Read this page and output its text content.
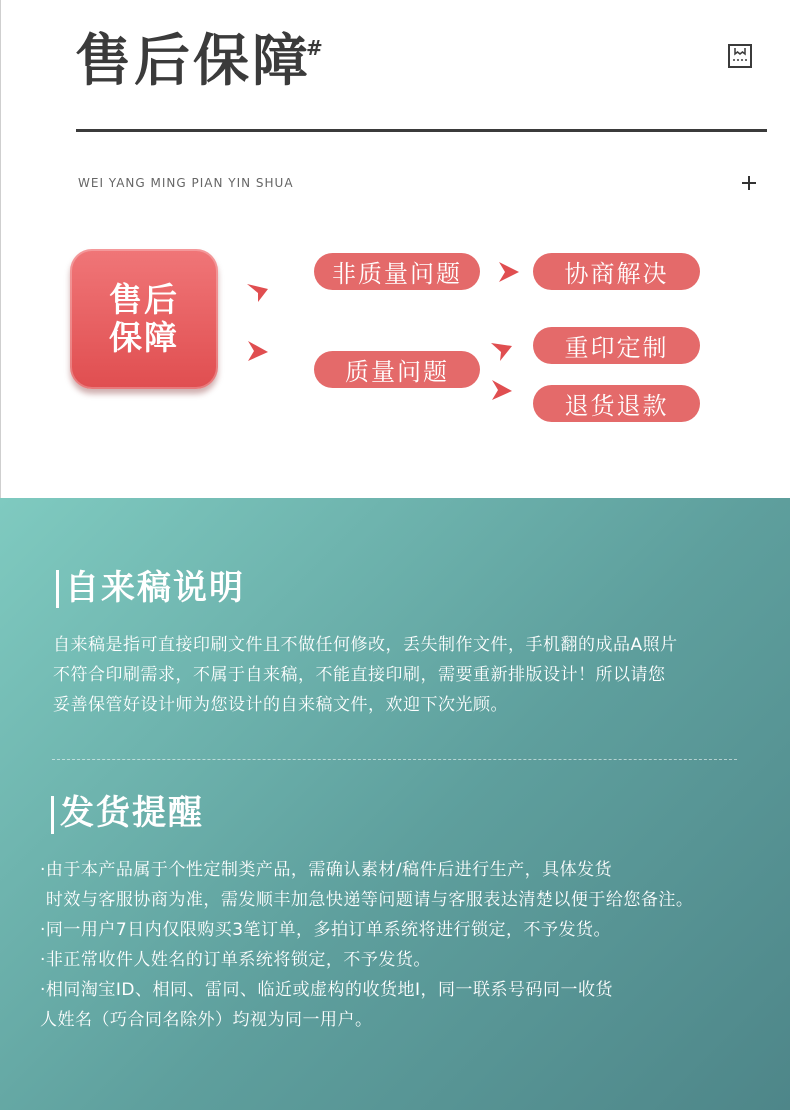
售后保障
#
WEI YANG MING PIAN YIN SHUA
售后
保障
非质量问题
质量问题
协商解决
重印定制
退货退款
自来稿说明

自来稿是指可直接印刷文件且不做任何修改，丢失制作文件，手机翻的成品A照片

不符合印刷需求，不属于自来稿，不能直接印刷，需要重新排版设计！所以请您

妥善保管好设计师为您设计的自来稿文件，欢迎下次光顾。

发货提醒

·由于本产品属于个性定制类产品，需确认素材/稿件后进行生产，具体发货

时效与客服协商为准，需发顺丰加急快递等问题请与客服表达清楚以便于给您备注。

·同一用户7日内仅限购买3笔订单，多拍订单系统将进行锁定，不予发货。

·非正常收件人姓名的订单系统将锁定，不予发货。

·相同淘宝ID、相同、雷同、临近或虚构的收货地I，同一联系号码同一收货

人姓名（巧合同名除外）均视为同一用户。
